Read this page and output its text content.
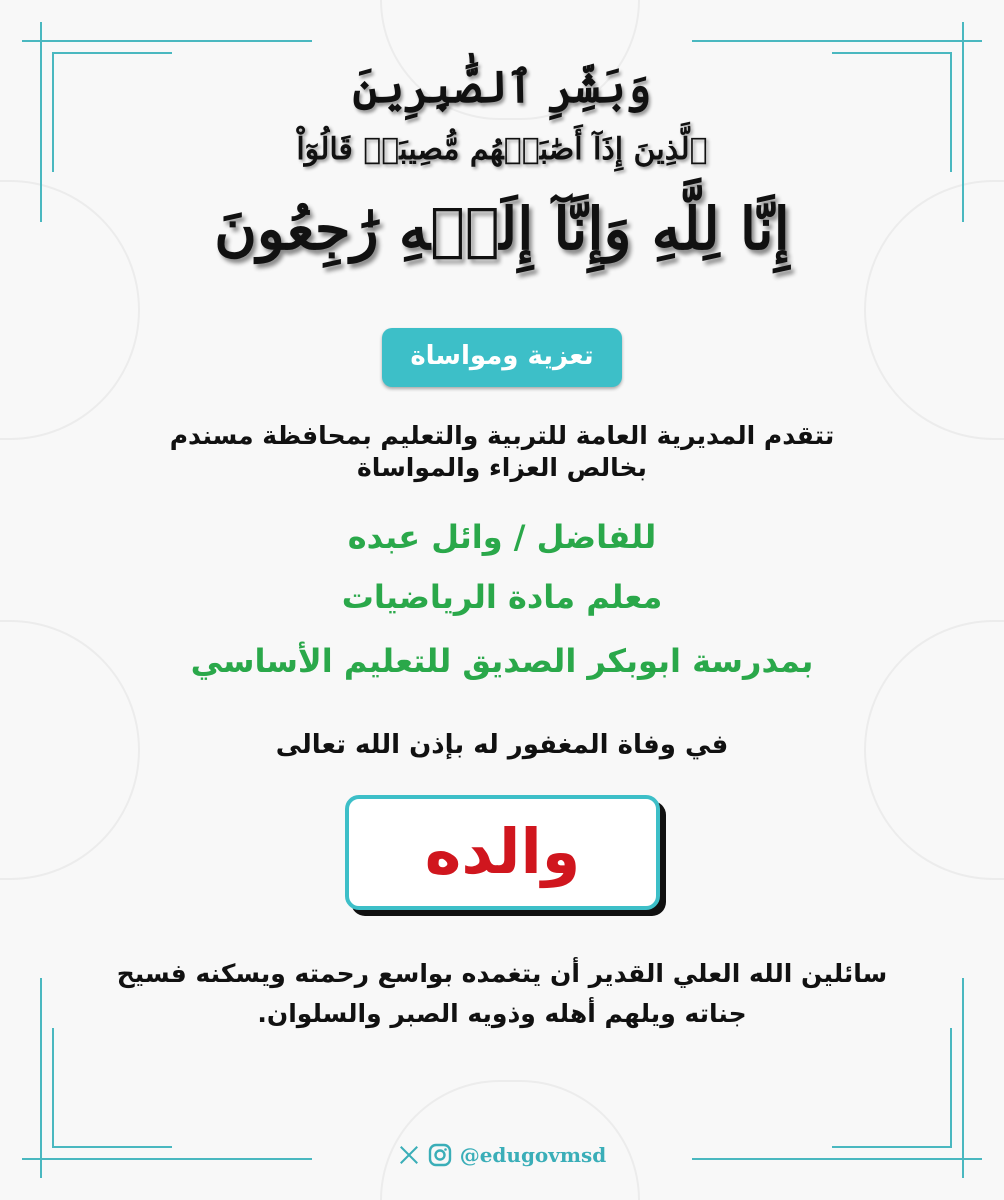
وَبَشِّرِ ٱلصَّٰبِرِينَ
ٱلَّذِينَ إِذَآ أَصَٰبَتۡهُم مُّصِيبَةٞ قَالُوٓاْ
إِنَّا لِلَّهِ وَإِنَّآ إِلَيۡهِ رَٰجِعُونَ
تعزية ومواساة
تتقدم المديرية العامة للتربية والتعليم بمحافظة مسندم
بخالص العزاء والمواساة
للفاضل / وائل عبده
معلم مادة الرياضيات
بمدرسة ابوبكر الصديق للتعليم الأساسي
في وفاة المغفور له بإذن الله تعالى
والده
سائلين الله العلي القدير أن يتغمده بواسع رحمته ويسكنه فسيح
جناته ويلهم أهله وذويه الصبر والسلوان.
@edugovmsd
